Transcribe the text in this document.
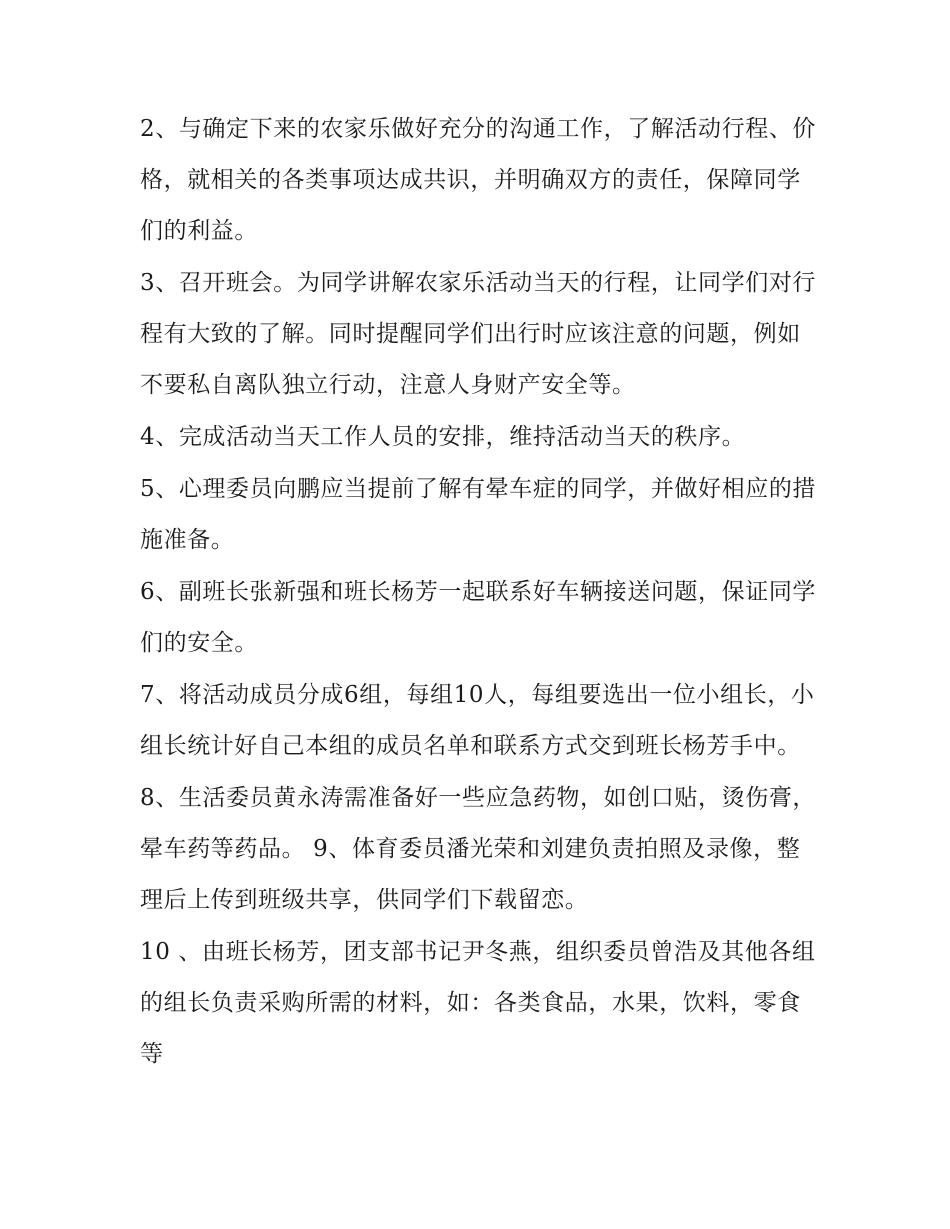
2、与确定下来的农家乐做好充分的沟通工作，了解活动行程、价格，就相关的各类事项达成共识，并明确双方的责任，保障同学们的利益。

3、召开班会。为同学讲解农家乐活动当天的行程，让同学们对行程有大致的了解。同时提醒同学们出行时应该注意的问题，例如不要私自离队独立行动，注意人身财产安全等。

4、完成活动当天工作人员的安排，维持活动当天的秩序。

5、心理委员向鹏应当提前了解有晕车症的同学，并做好相应的措施准备。

6、副班长张新强和班长杨芳一起联系好车辆接送问题，保证同学们的安全。

7、将活动成员分成6组，每组10人，每组要选出一位小组长，小组长统计好自己本组的成员名单和联系方式交到班长杨芳手中。

8、生活委员黄永涛需准备好一些应急药物，如创口贴，烫伤膏，晕车药等药品。 9、体育委员潘光荣和刘建负责拍照及录像，整理后上传到班级共享，供同学们下载留恋。

10 、由班长杨芳，团支部书记尹冬燕，组织委员曾浩及其他各组的组长负责采购所需的材料，如：各类食品，水果，饮料，零食等
